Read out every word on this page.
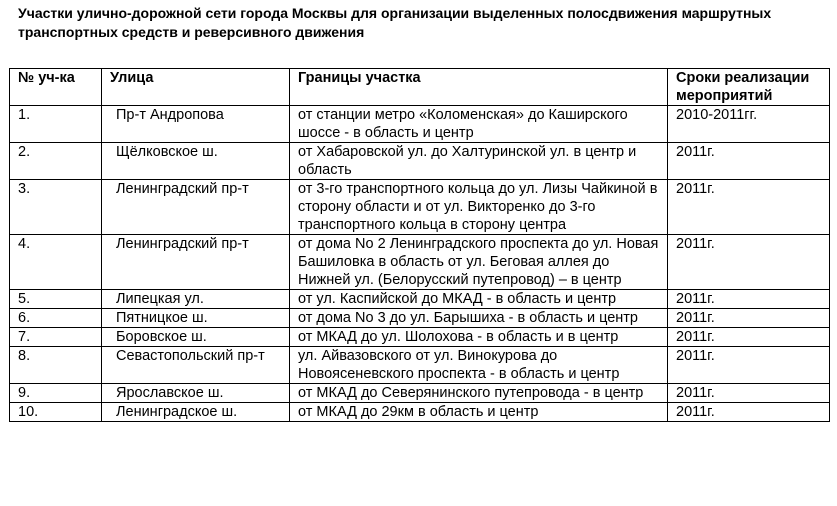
Участки улично-дорожной сети города Москвы для организации выделенных полосдвижения маршрутных транспортных средств и реверсивного движения
№ уч-ка	Улица	Границы участка	Сроки реализации мероприятий
1.	Пр-т Андропова	от станции метро «Коломенская» до Каширского шоссе - в область и центр	2010-2011гг.
2.	Щёлковское ш.	от Хабаровской ул. до Халтуринской ул. в центр и область	2011г.
3.	Ленинградский пр-т	от 3-го транспортного кольца до ул. Лизы Чайкиной в сторону области и от ул. Викторенко до 3-го транспортного кольца в сторону центра	2011г.
4.	Ленинградский пр-т	от дома No 2 Ленинградского проспекта до ул. Новая Башиловка в область от ул. Беговая аллея до Нижней ул. (Белорусский путепровод) – в центр	2011г.
5.	Липецкая ул.	от ул. Каспийской до МКАД - в область и центр	2011г.
6.	Пятницкое ш.	от дома No 3 до ул. Барышиха - в область и центр	2011г.
7.	Боровское ш.	от МКАД до ул. Шолохова - в область и в центр	2011г.
8.	Севастопольский пр-т	ул. Айвазовского от ул. Винокурова до Новоясеневского проспекта - в область и центр	2011г.
9.	Ярославское ш.	от МКАД до Северянинского путепровода - в центр	2011г.
10.	Ленинградское ш.	от МКАД до 29км в область и центр	2011г.
